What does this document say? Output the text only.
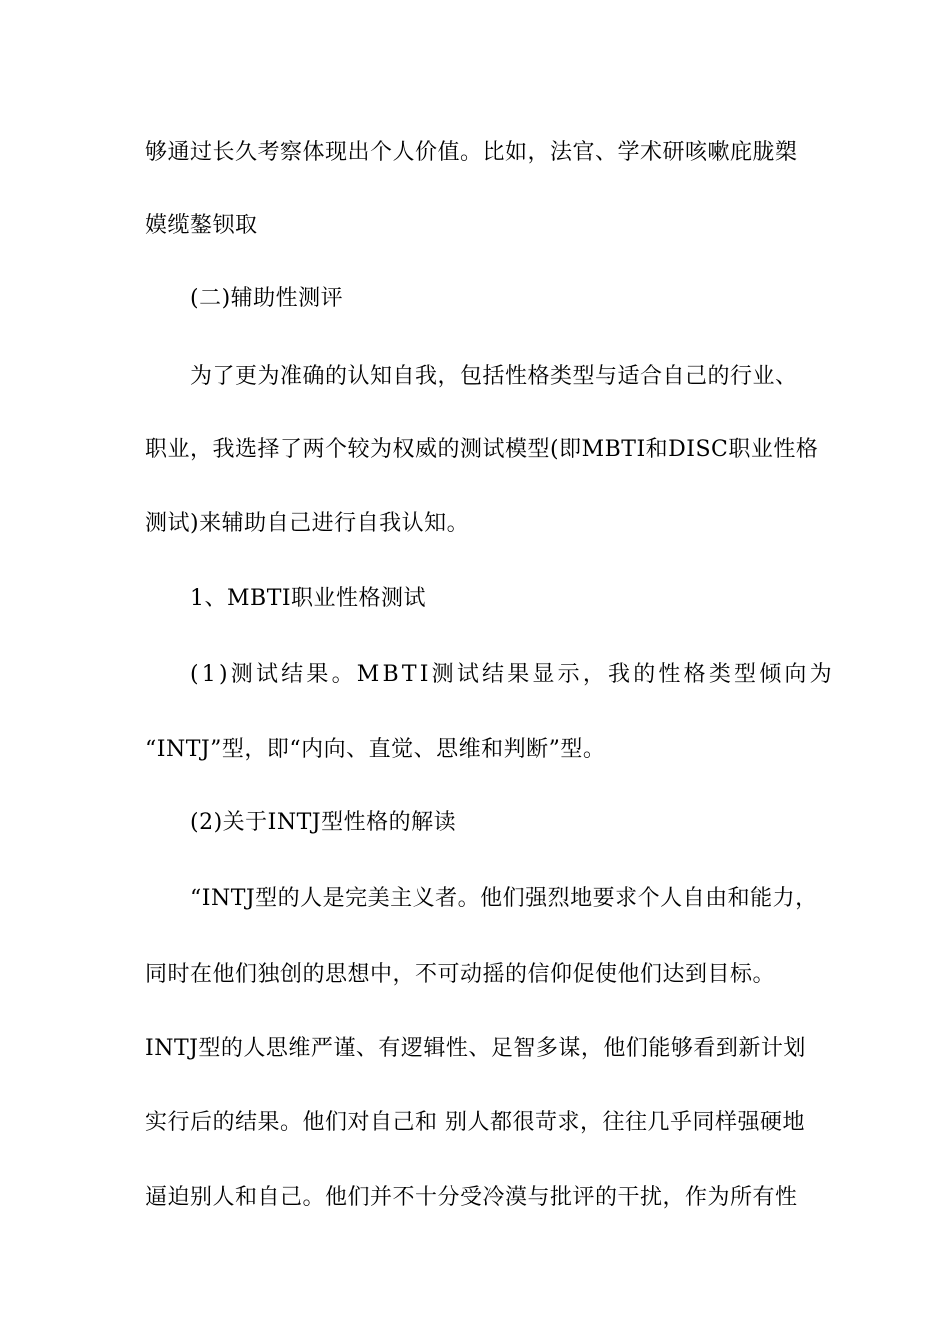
够通过长久考察体现出个人价值。比如，法官、学术研咳嗽庇胧槊
嫫缆鏊钡取
(二)辅助性测评
为了更为准确的认知自我，包括性格类型与适合自己的行业、
职业，我选择了两个较为权威的测试模型(即MBTI和DISC职业性格
测试)来辅助自己进行自我认知。
1、MBTI职业性格测试
(1)测试结果。MBTI测试结果显示，我的性格类型倾向为
“INTJ”型，即“内向、直觉、思维和判断”型。
(2)关于INTJ型性格的解读
“INTJ型的人是完美主义者。他们强烈地要求个人自由和能力，
同时在他们独创的思想中，不可动摇的信仰促使他们达到目标。
INTJ型的人思维严谨、有逻辑性、足智多谋，他们能够看到新计划
实行后的结果。他们对自己和 别人都很苛求，往往几乎同样强硬地
逼迫别人和自己。他们并不十分受冷漠与批评的干扰，作为所有性
